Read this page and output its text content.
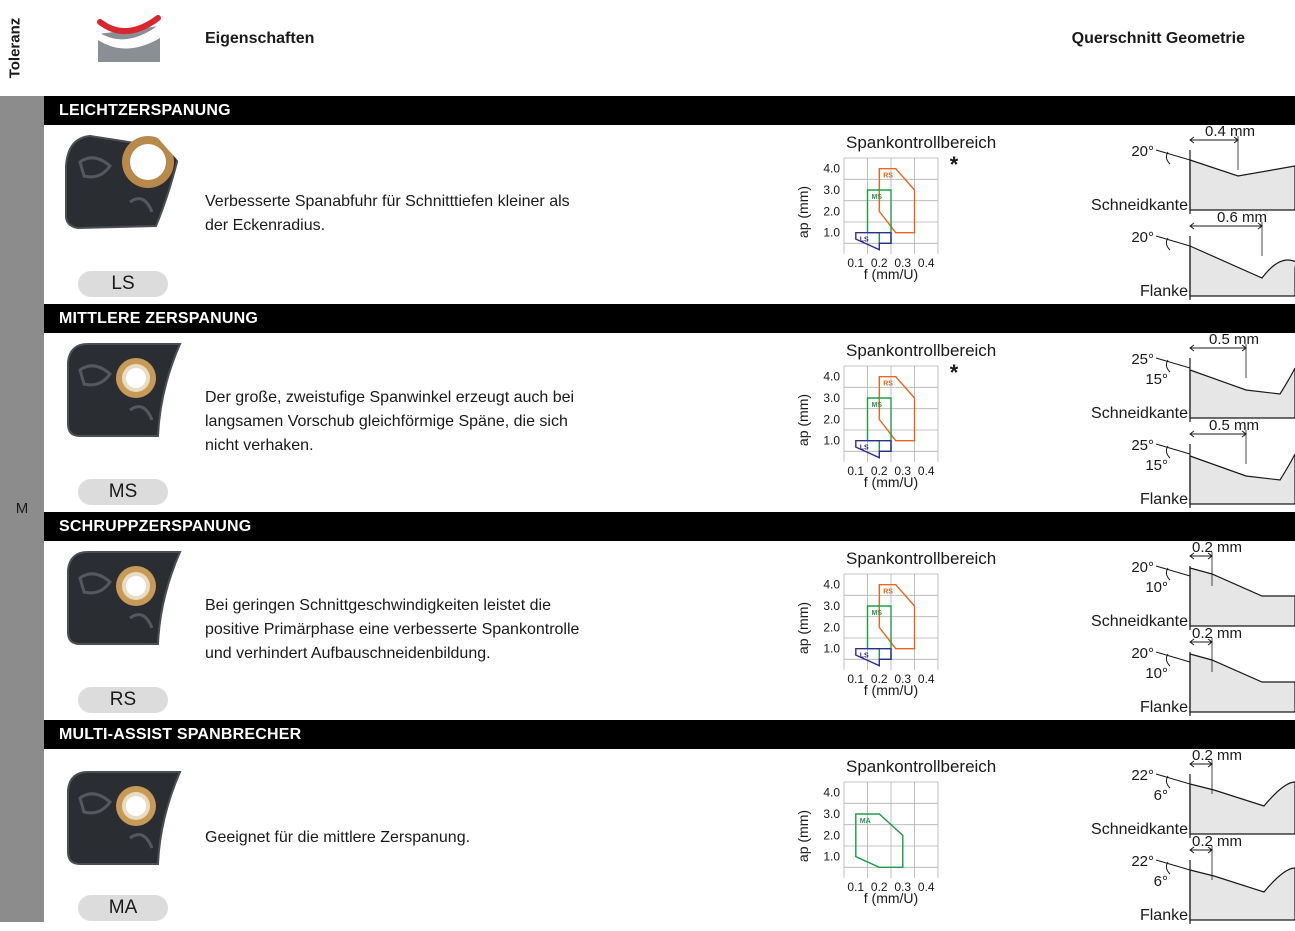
Toleranz	Eigenschaften	Querschnitt Geometrie
M
LEICHTZERSPANUNG
LS
Verbesserte Spanabfuhr für Schnitttiefen kleiner als
der Eckenradius.
Spankontrollbereich
4.0
3.0
2.0
1.0
0.1 0.2 0.3 0.4
f (mm/U)
ap (mm)
*
RS
MS
LS
0.4 mm
20°
Schneidkante
0.6 mm
20°
Flanke
MITTLERE ZERSPANUNG
MS
Der große, zweistufige Spanwinkel erzeugt auch bei
langsamen Vorschub gleichförmige Späne, die sich
nicht verhaken.
Spankontrollbereich
4.0
3.0
2.0
1.0
0.1 0.2 0.3 0.4
f (mm/U)
ap (mm)
*
RS
MS
LS
0.5 mm
25°
15°
Schneidkante
0.5 mm
25°
15°
Flanke
SCHRUPPZERSPANUNG
RS
Bei geringen Schnittgeschwindigkeiten leistet die
positive Primärphase eine verbesserte Spankontrolle
und verhindert Aufbauschneidenbildung.
Spankontrollbereich
4.0
3.0
2.0
1.0
0.1 0.2 0.3 0.4
f (mm/U)
ap (mm)
RS
MS
LS
0.2 mm
20°
10°
Schneidkante
0.2 mm
20°
10°
Flanke
MULTI-ASSIST SPANBRECHER
MA
Geeignet für die mittlere Zerspanung.
Spankontrollbereich
4.0
3.0
2.0
1.0
0.1 0.2 0.3 0.4
f (mm/U)
ap (mm)	MA
0.2 mm
22°
6°
Schneidkante
0.2 mm
22°
6°
Flanke
